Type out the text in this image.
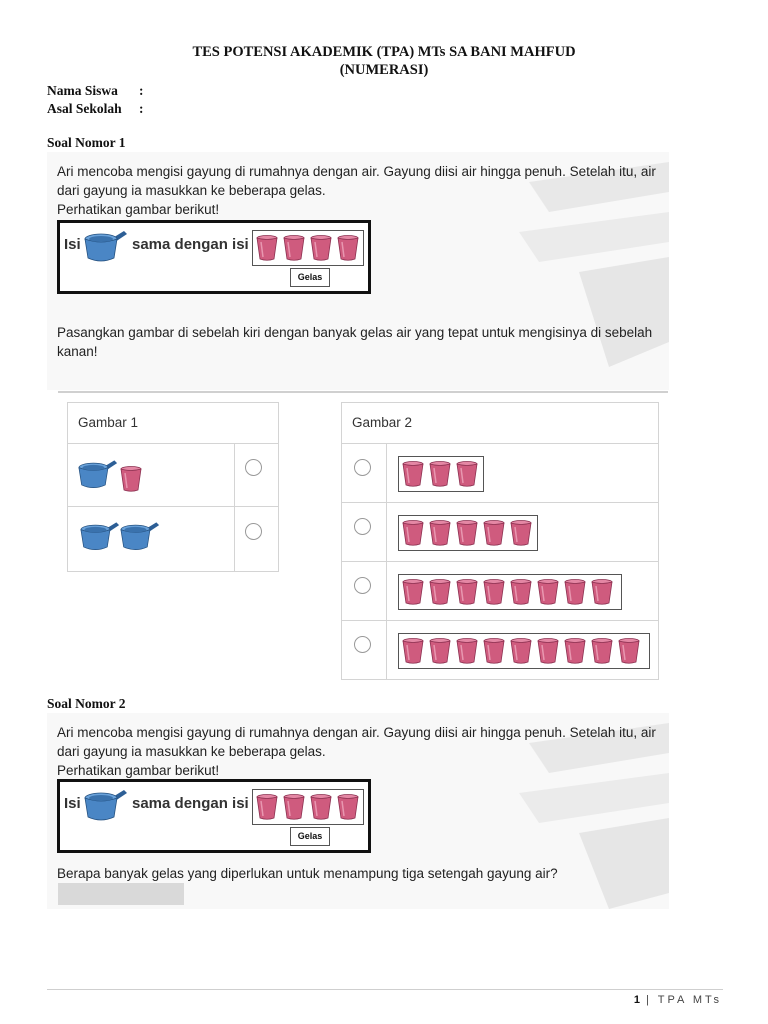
TES POTENSI AKADEMIK (TPA) MTs SA BANI MAHFUD
(NUMERASI)
Nama Siswa :
Asal Sekolah :
Soal Nomor 1
Ari mencoba mengisi gayung di rumahnya dengan air. Gayung diisi air hingga penuh. Setelah itu, air
dari gayung ia masukkan ke beberapa gelas.
Perhatikan gambar berikut!
Isi	sama dengan isi
Gelas
Pasangkan gambar di sebelah kiri dengan banyak gelas air yang tepat untuk mengisinya di sebelah
kanan!
Gambar 1	Gambar 2
Soal Nomor 2
Ari mencoba mengisi gayung di rumahnya dengan air. Gayung diisi air hingga penuh. Setelah itu, air
dari gayung ia masukkan ke beberapa gelas.
Perhatikan gambar berikut!
Isi	sama dengan isi
Gelas
Berapa banyak gelas yang diperlukan untuk menampung tiga setengah gayung air?
1 | TPA MTs
